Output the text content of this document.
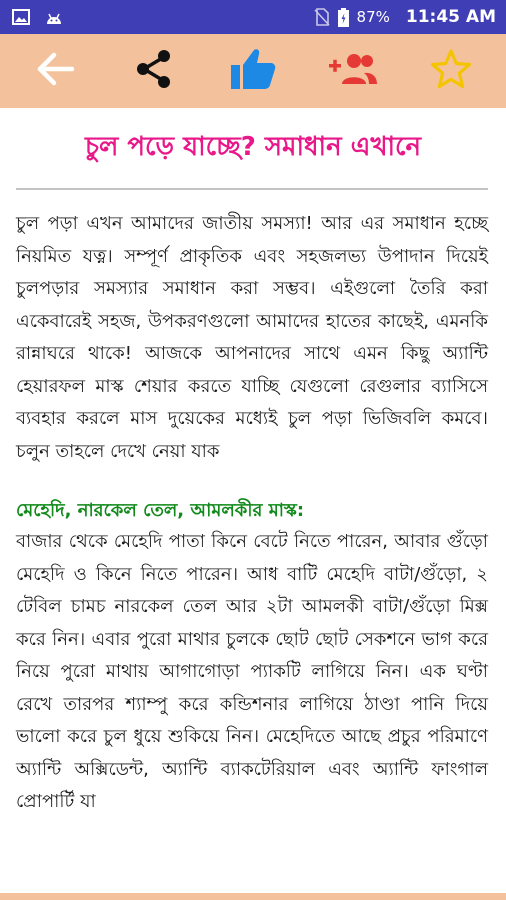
87% 11:45 AM
চুল পড়ে যাচ্ছে? সমাধান এখানে

চুল পড়া এখন আমাদের জাতীয় সমস্যা! আর এর সমাধান হচ্ছে নিয়মিত যত্ন। সম্পূর্ণ প্রাকৃতিক এবং সহজলভ্য উপাদান দিয়েই চুলপড়ার সমস্যার সমাধান করা সম্ভব। এইগুলো তৈরি করা একেবারেই সহজ, উপকরণগুলো আমাদের হাতের কাছেই, এমনকি রান্নাঘরে থাকে! আজকে আপনাদের সাথে এমন কিছু অ্যান্টি হেয়ারফল মাস্ক শেয়ার করতে যাচ্ছি যেগুলো রেগুলার ব্যাসিসে ব্যবহার করলে মাস দুয়েকের মধ্যেই চুল পড়া ভিজিবলি কমবে। চলুন তাহলে দেখে নেয়া যাক

মেহেদি, নারকেল তেল, আমলকীর মাস্ক:

বাজার থেকে মেহেদি পাতা কিনে বেটে নিতে পারেন, আবার গুঁড়ো মেহেদি ও কিনে নিতে পারেন। আধ বাটি মেহেদি বাটা/গুঁড়ো, ২ টেবিল চামচ নারকেল তেল আর ২টা আমলকী বাটা/গুঁড়ো মিক্স করে নিন। এবার পুরো মাথার চুলকে ছোট ছোট সেকশনে ভাগ করে নিয়ে পুরো মাথায় আগাগোড়া প্যাকটি লাগিয়ে নিন। এক ঘণ্টা রেখে তারপর শ্যাম্পু করে কন্ডিশনার লাগিয়ে ঠাণ্ডা পানি দিয়ে ভালো করে চুল ধুয়ে শুকিয়ে নিন। মেহেদিতে আছে প্রচুর পরিমাণে অ্যান্টি অক্সিডেন্ট, অ্যান্টি ব্যাকটেরিয়াল এবং অ্যান্টি ফাংগাল প্রোপার্টি যা
